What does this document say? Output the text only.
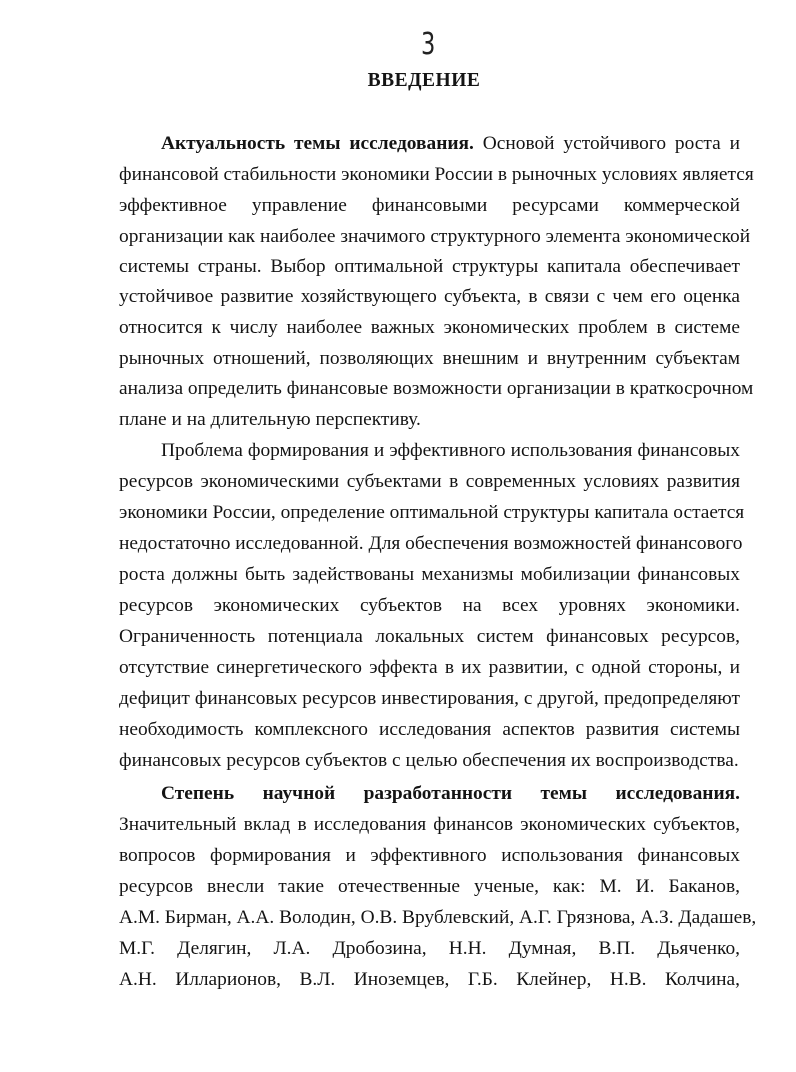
3
ВВЕДЕНИЕ
Актуальность темы исследования. Основой устойчивого роста и
финансовой стабильности экономики России в рыночных условиях является
эффективное управление финансовыми ресурсами коммерческой
организации как наиболее значимого структурного элемента экономической
системы страны. Выбор оптимальной структуры капитала обеспечивает
устойчивое развитие хозяйствующего субъекта, в связи с чем его оценка
относится к числу наиболее важных экономических проблем в системе
рыночных отношений, позволяющих внешним и внутренним субъектам
анализа определить финансовые возможности организации в краткосрочном
плане и на длительную перспективу.
Проблема формирования и эффективного использования финансовых
ресурсов экономическими субъектами в современных условиях развития
экономики России, определение оптимальной структуры капитала остается
недостаточно исследованной. Для обеспечения возможностей финансового
роста должны быть задействованы механизмы мобилизации финансовых
ресурсов экономических субъектов на всех уровнях экономики.
Ограниченность потенциала локальных систем финансовых ресурсов,
отсутствие синергетического эффекта в их развитии, с одной стороны, и
дефицит финансовых ресурсов инвестирования, с другой, предопределяют
необходимость комплексного исследования аспектов развития системы
финансовых ресурсов субъектов с целью обеспечения их воспроизводства.
Степень научной разработанности темы исследования.
Значительный вклад в исследования финансов экономических субъектов,
вопросов формирования и эффективного использования финансовых
ресурсов внесли такие отечественные ученые, как: М. И. Баканов,
А.М. Бирман, А.А. Володин, О.В. Врублевский, А.Г. Грязнова, А.З. Дадашев,
М.Г. Делягин, Л.А. Дробозина, Н.Н. Думная, В.П. Дьяченко,
А.Н. Илларионов, В.Л. Иноземцев, Г.Б. Клейнер, Н.В. Колчина,
